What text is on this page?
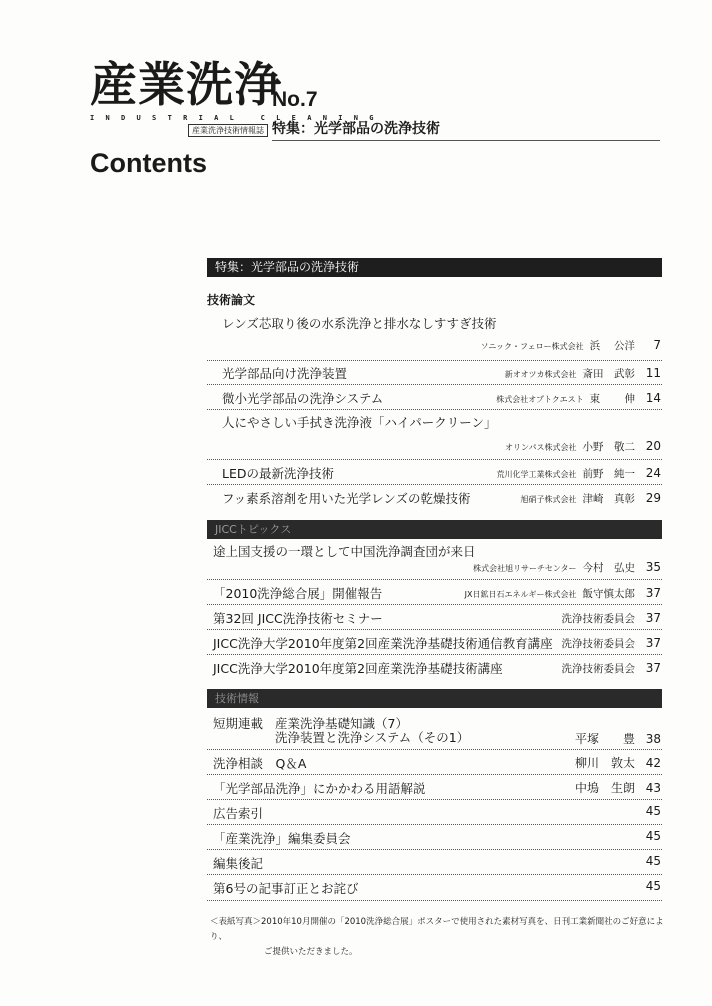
産業洗浄
INDUSTRIAL CLEANING
産業洗浄技術情報誌
No.7
特集：光学部品の洗浄技術
Contents
特集：光学部品の洗浄技術
技術論文
レンズ芯取り後の水系洗浄と排水なしすすぎ技術
ソニック・フェロー株式会社 浜　 公洋 7
光学部品向け洗浄装置	新オオツカ株式会社 斎田　武彰 11
微小光学部品の洗浄システム	株式会社オプトクエスト 東　　 伸 14
人にやさしい手拭き洗浄液「ハイパークリーン」
オリンパス株式会社 小野　敬二 20
LEDの最新洗浄技術	荒川化学工業株式会社 前野　純一 24
フッ素系溶剤を用いた光学レンズの乾燥技術	旭硝子株式会社 津崎　真彰 29
JICCトピックス
途上国支援の一環として中国洗浄調査団が来日
株式会社旭リサーチセンター 今村　弘史 35
「2010洗浄総合展」開催報告	JX日鉱日石エネルギー株式会社 飯守慎太郎 37
第32回 JICC洗浄技術セミナー	洗浄技術委員会 37
JICC洗浄大学2010年度第2回産業洗浄基礎技術通信教育講座 洗浄技術委員会 37
JICC洗浄大学2010年度第2回産業洗浄基礎技術講座	洗浄技術委員会 37
技術情報
短期連載 産業洗浄基礎知識（7）
洗浄装置と洗浄システム（その1）	平塚　　豊 38
洗浄相談　Q＆A	柳川　敦太 42
「光学部品洗浄」にかかわる用語解説	中塢　生朗 43
広告索引	45
「産業洗浄」編集委員会	45
編集後記	45
第6号の記事訂正とお詫び	45
＜表紙写真＞2010年10月開催の「2010洗浄総合展」ポスターで使用された素材写真を、日刊工業新聞社のご好意により、
ご提供いただきました。
